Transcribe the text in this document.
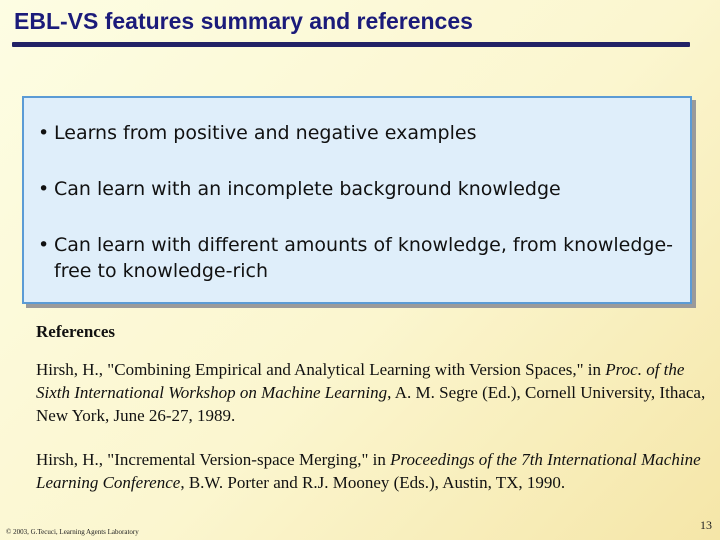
EBL-VS features summary and references
• Learns from positive and negative examples
• Can learn with an incomplete background knowledge
• Can learn with different amounts of knowledge, from knowledge-free to knowledge-rich
References
Hirsh, H., "Combining Empirical and Analytical Learning with Version Spaces," in Proc. of the Sixth International Workshop on Machine Learning, A. M. Segre (Ed.), Cornell University, Ithaca, New York, June 26-27, 1989.
Hirsh, H., "Incremental Version-space Merging," in Proceedings of the 7th International Machine Learning Conference, B.W. Porter and R.J. Mooney (Eds.), Austin, TX, 1990.
© 2003, G.Tecuci, Learning Agents Laboratory	13
